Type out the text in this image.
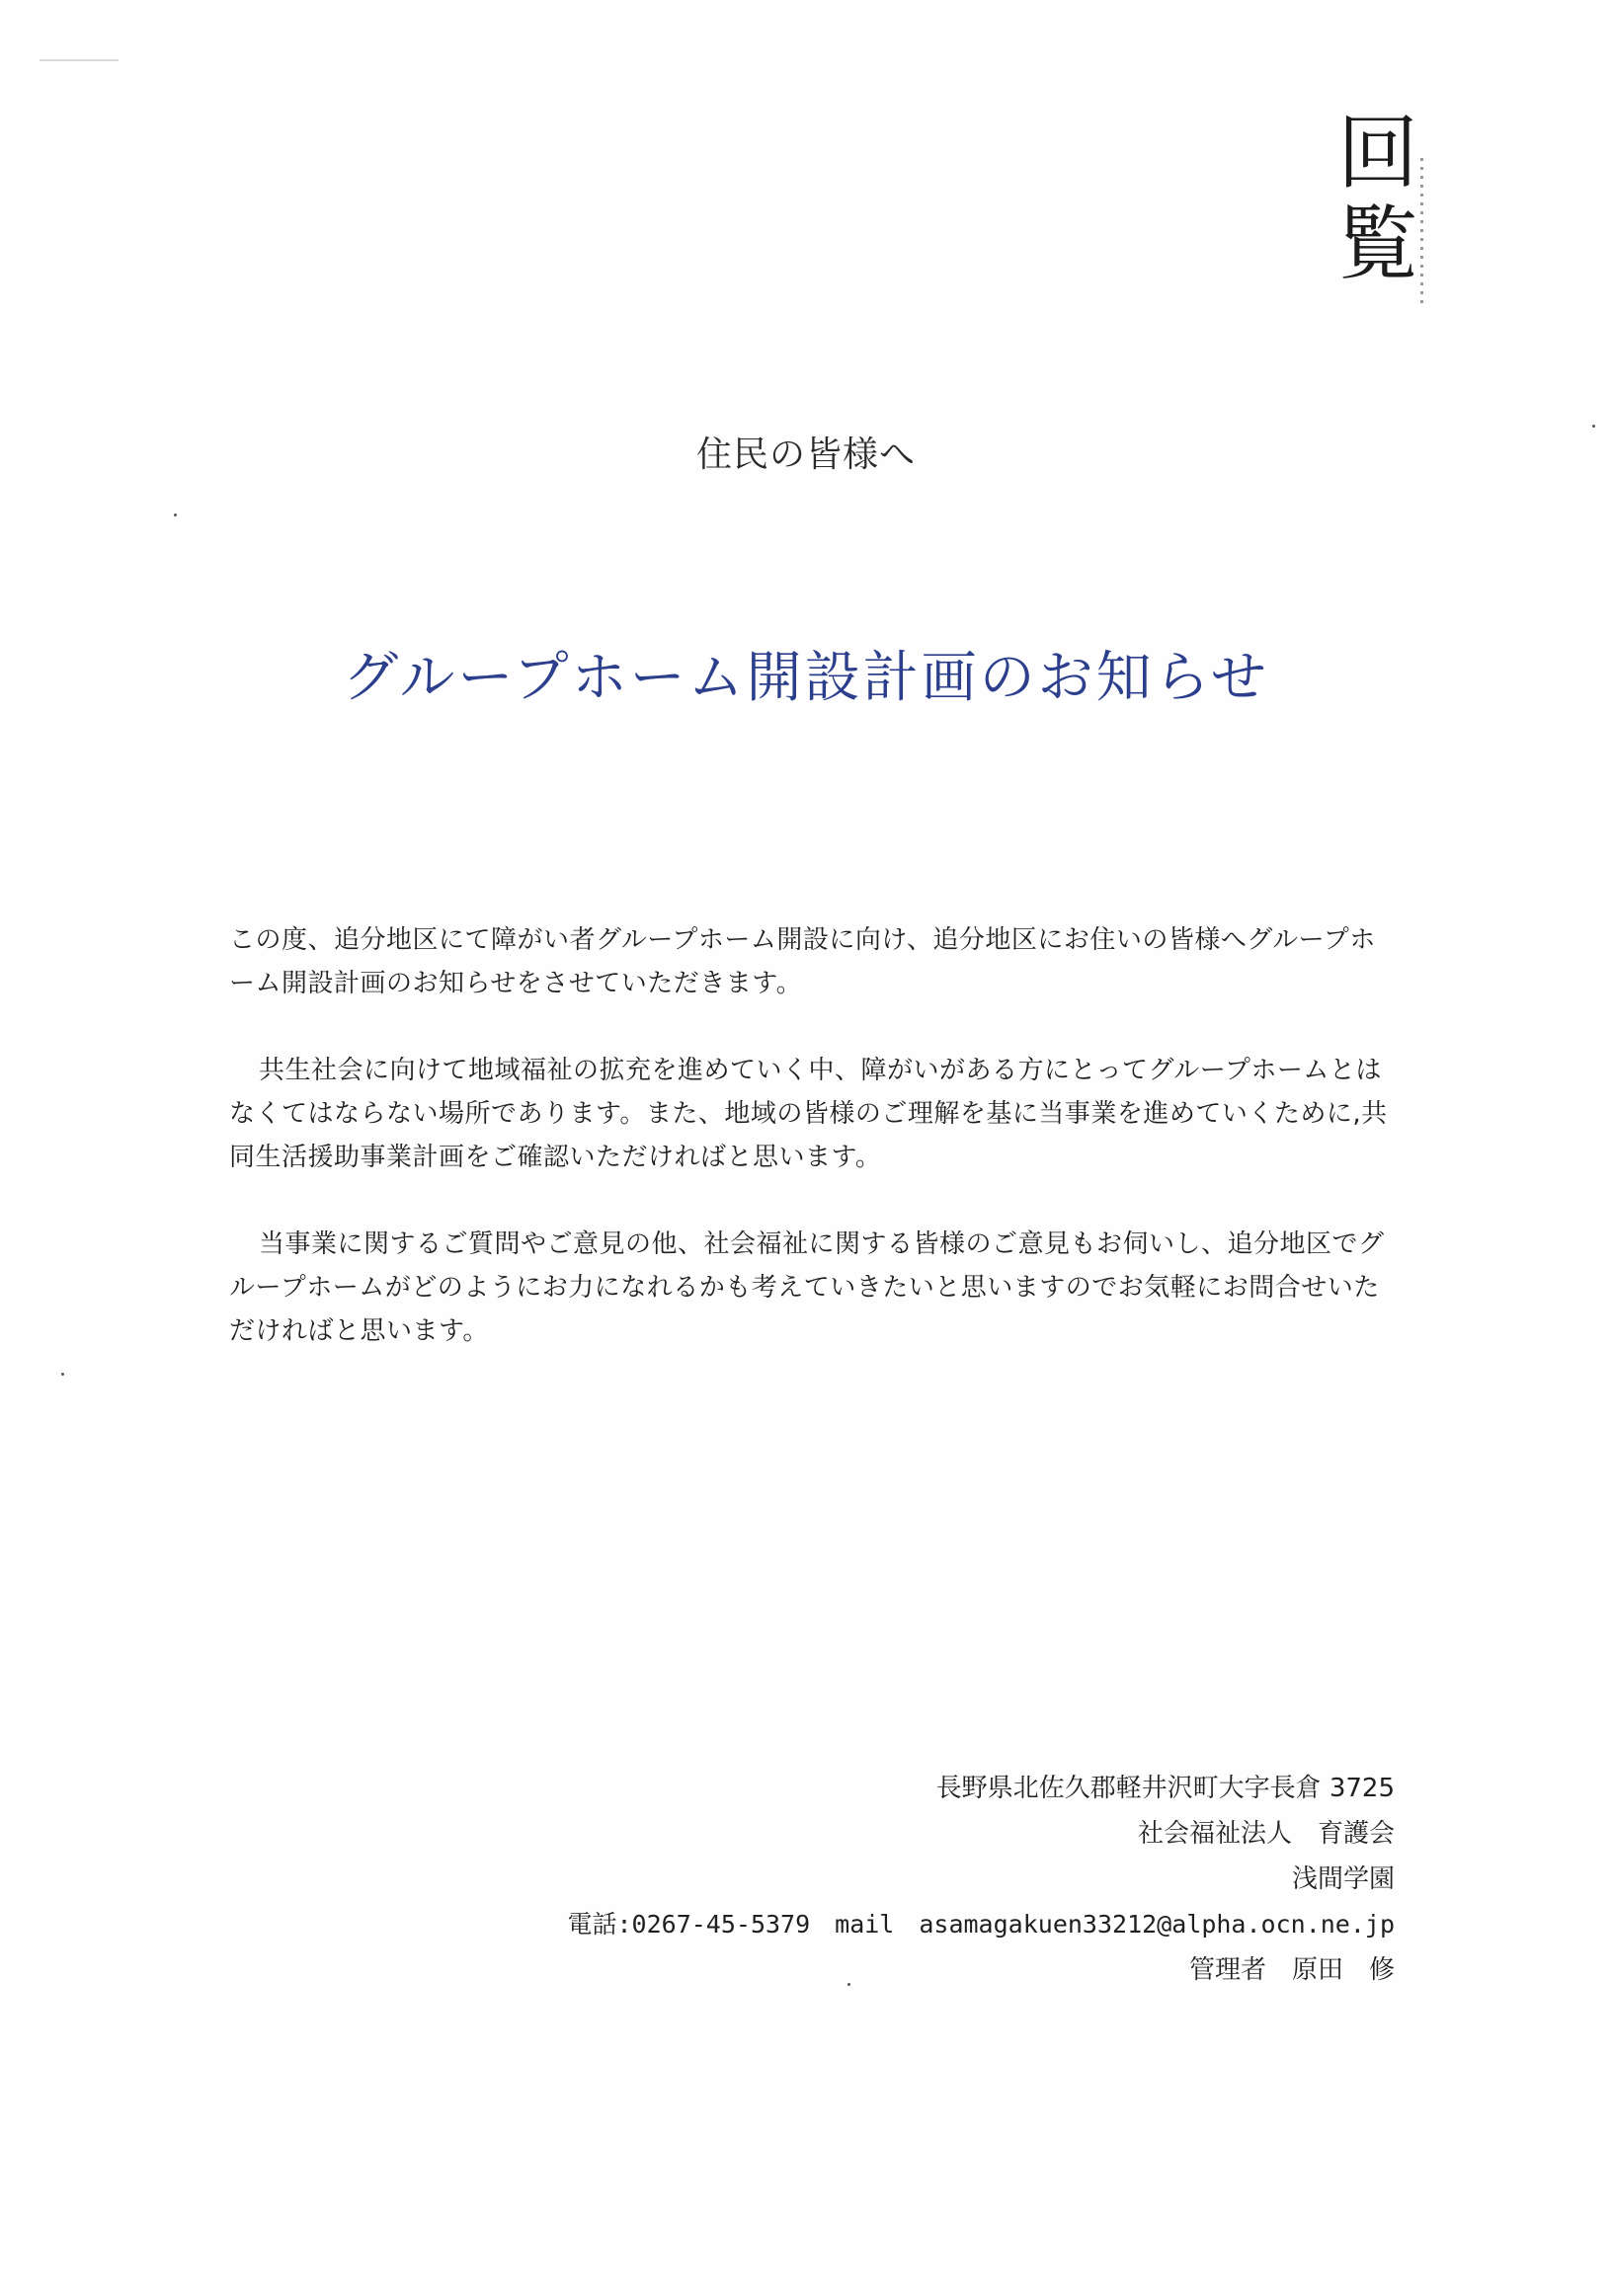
回
覧
住民の皆様へ
グループホーム開設計画のお知らせ

この度、追分地区にて障がい者グループホーム開設に向け、追分地区にお住いの皆様へグループホーム開設計画のお知らせをさせていただきます。

共生社会に向けて地域福祉の拡充を進めていく中、障がいがある方にとってグループホームとはなくてはならない場所であります。また、地域の皆様のご理解を基に当事業を進めていくために,共同生活援助事業計画をご確認いただければと思います。

当事業に関するご質問やご意見の他、社会福祉に関する皆様のご意見もお伺いし、追分地区でグループホームがどのようにお力になれるかも考えていきたいと思いますのでお気軽にお問合せいただければと思います。

長野県北佐久郡軽井沢町大字長倉 3725
社会福祉法人　育護会
浅間学園
電話:0267-45-5379　mail　asamagakuen33212@alpha.ocn.ne.jp
管理者　原田　修
